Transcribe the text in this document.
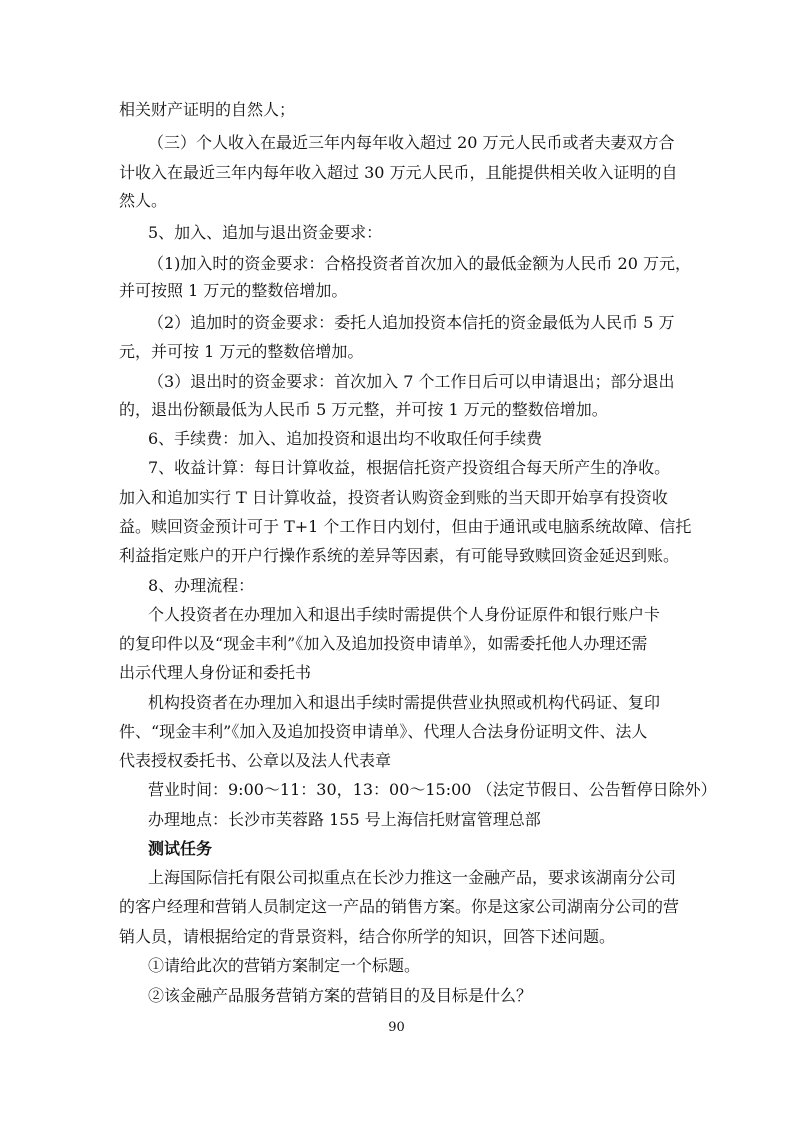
相关财产证明的自然人；
（三）个人收入在最近三年内每年收入超过 20 万元人民币或者夫妻双方合
计收入在最近三年内每年收入超过 30 万元人民币，且能提供相关收入证明的自
然人。
5、加入、追加与退出资金要求：
（1)加入时的资金要求：合格投资者首次加入的最低金额为人民币 20 万元，
并可按照 1 万元的整数倍增加。
（2）追加时的资金要求：委托人追加投资本信托的资金最低为人民币 5 万
元，并可按 1 万元的整数倍增加。
（3）退出时的资金要求：首次加入 7 个工作日后可以申请退出；部分退出
的，退出份额最低为人民币 5 万元整，并可按 1 万元的整数倍增加。
6、手续费：加入、追加投资和退出均不收取任何手续费
7、收益计算：每日计算收益，根据信托资产投资组合每天所产生的净收。
加入和追加实行 T 日计算收益，投资者认购资金到账的当天即开始享有投资收
益。赎回资金预计可于 T+1 个工作日内划付，但由于通讯或电脑系统故障、信托
利益指定账户的开户行操作系统的差异等因素，有可能导致赎回资金延迟到账。
8、办理流程：
个人投资者在办理加入和退出手续时需提供个人身份证原件和银行账户卡
的复印件以及“现金丰利”《加入及追加投资申请单》，如需委托他人办理还需
出示代理人身份证和委托书
机构投资者在办理加入和退出手续时需提供营业执照或机构代码证、复印
件、“现金丰利”《加入及追加投资申请单》、代理人合法身份证明文件、法人
代表授权委托书、公章以及法人代表章
营业时间：9:00～11：30，13：00～15:00 （法定节假日、公告暂停日除外）
办理地点：长沙市芙蓉路 155 号上海信托财富管理总部
测试任务
上海国际信托有限公司拟重点在长沙力推这一金融产品，要求该湖南分公司
的客户经理和营销人员制定这一产品的销售方案。你是这家公司湖南分公司的营
销人员，请根据给定的背景资料，结合你所学的知识，回答下述问题。
①请给此次的营销方案制定一个标题。
②该金融产品服务营销方案的营销目的及目标是什么？
90
